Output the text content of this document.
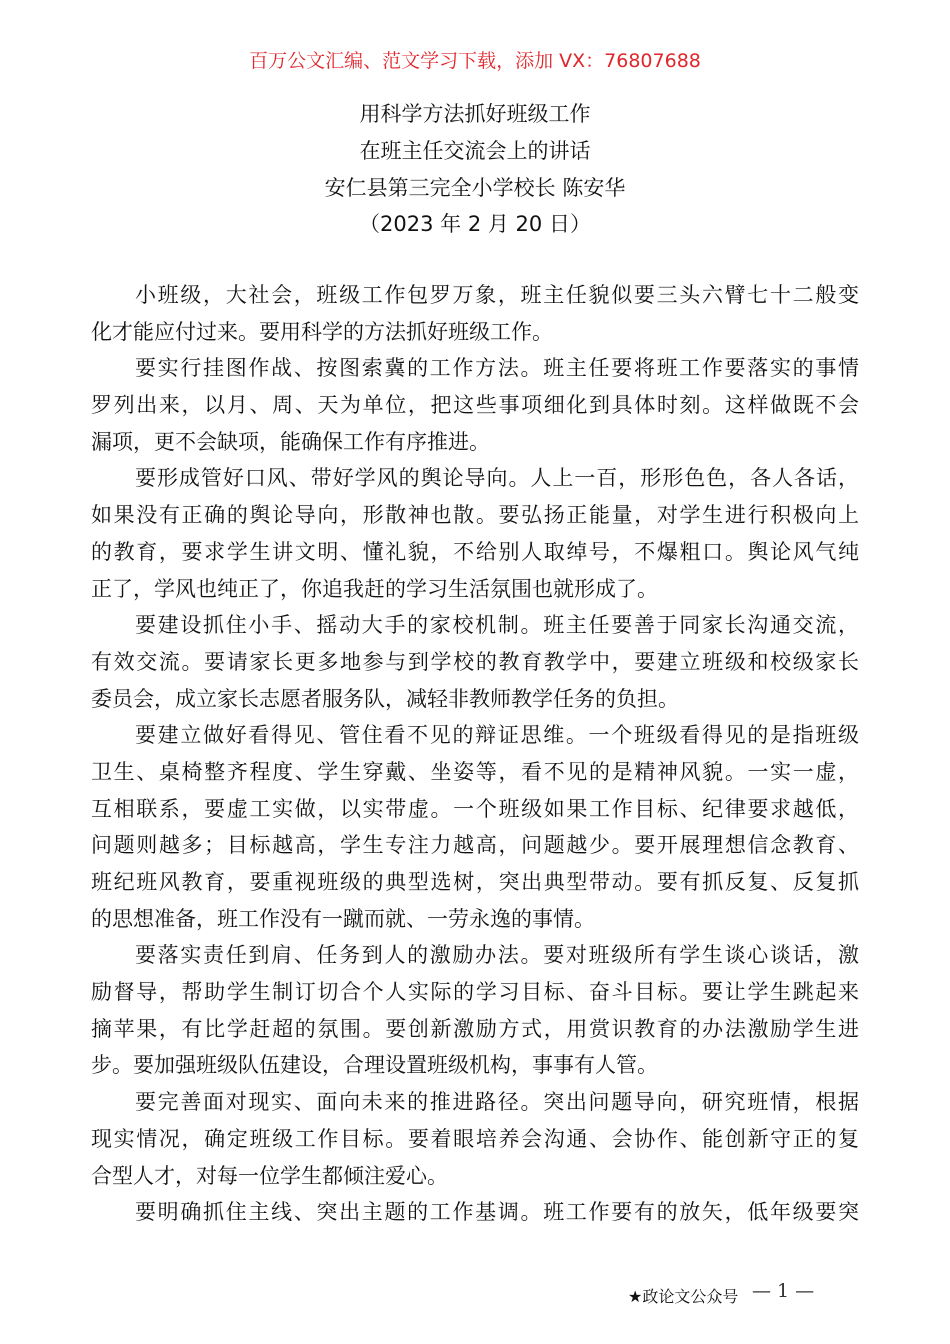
百万公文汇编、范文学习下载，添加 VX：76807688
用科学方法抓好班级工作
在班主任交流会上的讲话
安仁县第三完全小学校长 陈安华
（2023 年 2 月 20 日）
小班级，大社会，班级工作包罗万象，班主任貌似要三头六臂七十二般变
化才能应付过来。要用科学的方法抓好班级工作。
要实行挂图作战、按图索冀的工作方法。班主任要将班工作要落实的事情
罗列出来，以月、周、天为单位，把这些事项细化到具体时刻。这样做既不会
漏项，更不会缺项，能确保工作有序推进。
要形成管好口风、带好学风的舆论导向。人上一百，形形色色，各人各话，
如果没有正确的舆论导向，形散神也散。要弘扬正能量，对学生进行积极向上
的教育，要求学生讲文明、懂礼貌，不给别人取绰号，不爆粗口。舆论风气纯
正了，学风也纯正了，你追我赶的学习生活氛围也就形成了。
要建设抓住小手、摇动大手的家校机制。班主任要善于同家长沟通交流，
有效交流。要请家长更多地参与到学校的教育教学中，要建立班级和校级家长
委员会，成立家长志愿者服务队，减轻非教师教学任务的负担。
要建立做好看得见、管住看不见的辩证思维。一个班级看得见的是指班级
卫生、桌椅整齐程度、学生穿戴、坐姿等，看不见的是精神风貌。一实一虚，
互相联系，要虚工实做，以实带虚。一个班级如果工作目标、纪律要求越低，
问题则越多；目标越高，学生专注力越高，问题越少。要开展理想信念教育、
班纪班风教育，要重视班级的典型选树，突出典型带动。要有抓反复、反复抓
的思想准备，班工作没有一蹴而就、一劳永逸的事情。
要落实责任到肩、任务到人的激励办法。要对班级所有学生谈心谈话，激
励督导，帮助学生制订切合个人实际的学习目标、奋斗目标。要让学生跳起来
摘苹果，有比学赶超的氛围。要创新激励方式，用赏识教育的办法激励学生进
步。要加强班级队伍建设，合理设置班级机构，事事有人管。
要完善面对现实、面向未来的推进路径。突出问题导向，研究班情，根据
现实情况，确定班级工作目标。要着眼培养会沟通、会协作、能创新守正的复
合型人才，对每一位学生都倾注爱心。
要明确抓住主线、突出主题的工作基调。班工作要有的放矢，低年级要突
★政论文公众号 — 1 —
